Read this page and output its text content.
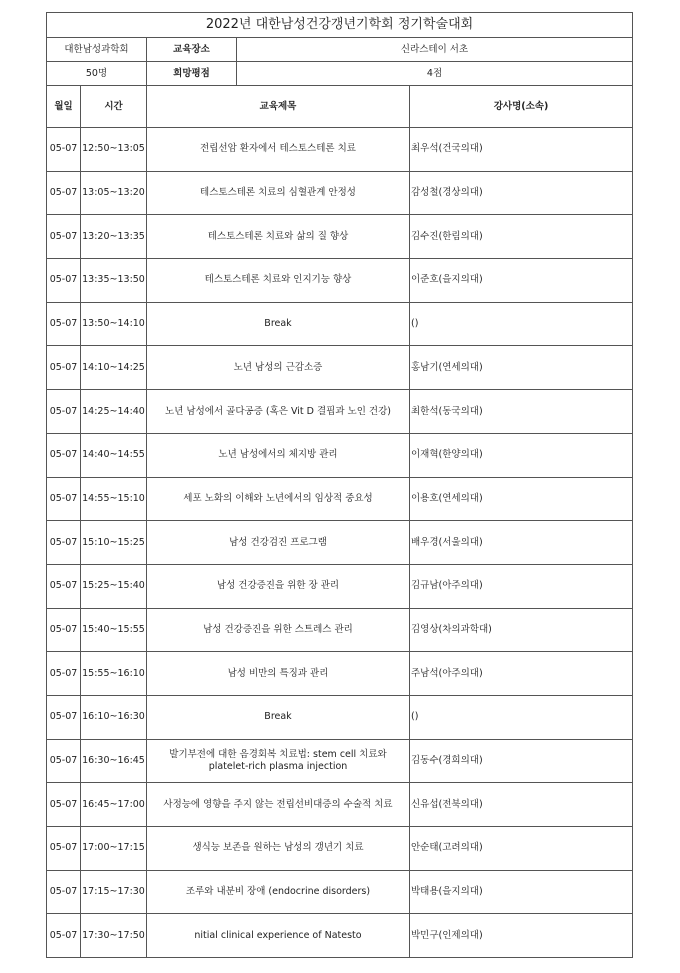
2022년 대한남성건강갱년기학회 정기학술대회				
대한남성과학회		교육장소	신라스테이 서초	
50명		희망평점	4점	
월일	시간	교육제목		강사명(소속)
05-07	12:50~13:05	전립선암 환자에서 테스토스테론 치료		최우석(건국의대)
05-07	13:05~13:20	테스토스테론 치료의 심혈관계 안정성		감성철(경상의대)
05-07	13:20~13:35	테스토스테론 치료와 삶의 질 향상		김수진(한림의대)
05-07	13:35~13:50	테스토스테론 치료와 인지기능 향상		이준호(을지의대)
05-07	13:50~14:10	Break		()
05-07	14:10~14:25	노년 남성의 근감소증		홍남기(연세의대)
05-07	14:25~14:40	노년 남성에서 골다공증 (혹은 Vit D 결핍과 노인 건강)		최한석(동국의대)
05-07	14:40~14:55	노년 남성에서의 체지방 관리		이재혁(한양의대)
05-07	14:55~15:10	세포 노화의 이해와 노년에서의 임상적 중요성		이용호(연세의대)
05-07	15:10~15:25	남성 건강검진 프로그램		배우경(서울의대)
05-07	15:25~15:40	남성 건강증진을 위한 장 관리		김규남(아주의대)
05-07	15:40~15:55	남성 건강증진을 위한 스트레스 관리		김영상(차의과학대)
05-07	15:55~16:10	남성 비만의 특징과 관리		주남석(아주의대)
05-07	16:10~16:30	Break		()
05-07	16:30~16:45	발기부전에 대한 음경회복 치료법: stem cell 치료와
platelet-rich plasma injection		김동수(경희의대)
05-07	16:45~17:00	사정능에 영향을 주지 않는 전립선비대증의 수술적 치료		신유섭(전북의대)
05-07	17:00~17:15	생식능 보존을 원하는 남성의 갱년기 치료		안순태(고려의대)
05-07	17:15~17:30	조루와 내분비 장애 (endocrine disorders)		박태용(을지의대)
05-07	17:30~17:50	nitial clinical experience of Natesto		박민구(인제의대)
